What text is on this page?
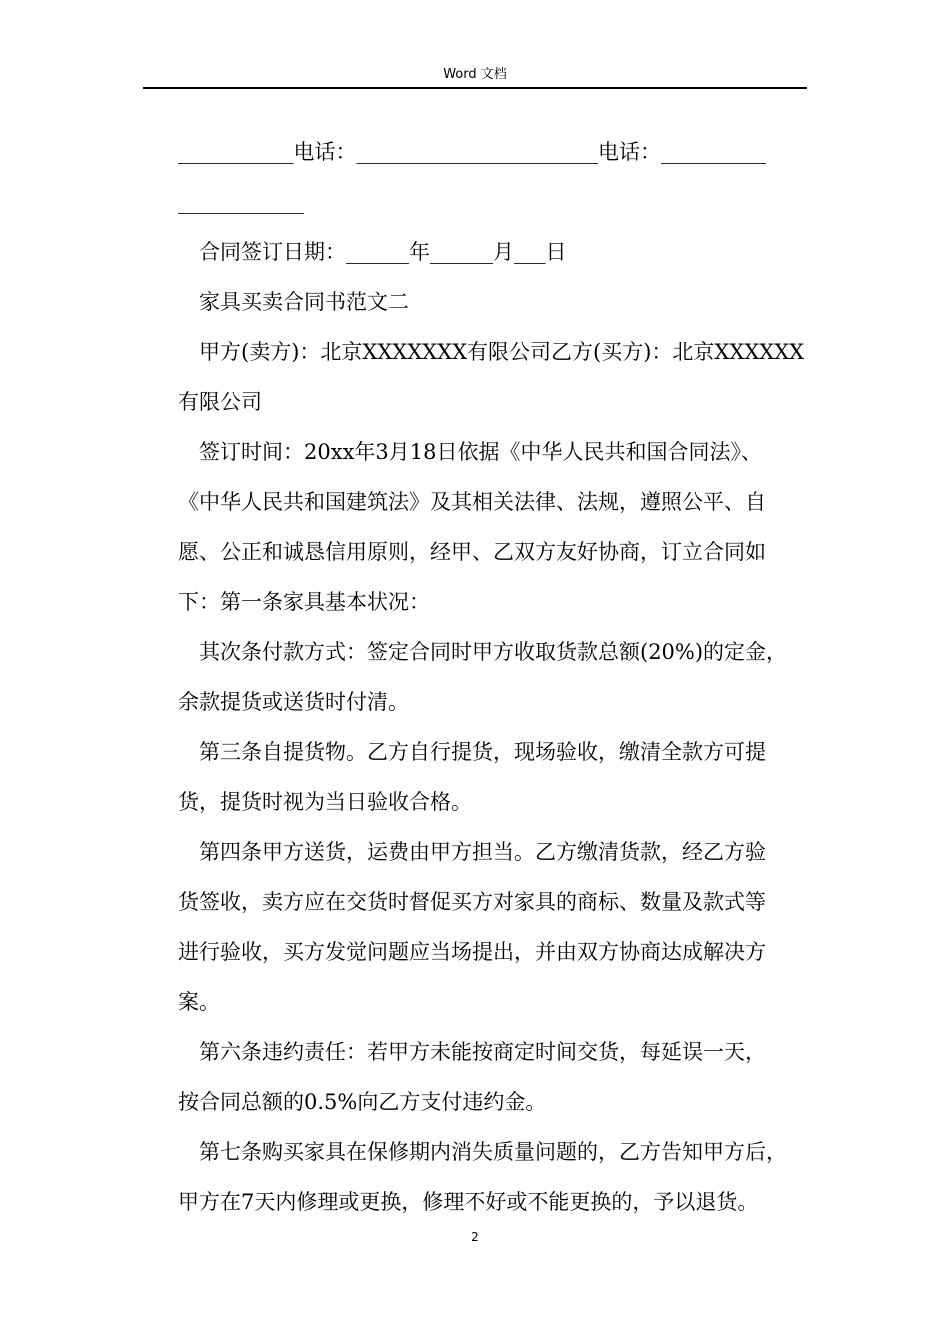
Word 文档

___________电话：_______________________电话：__________

____________

合同签订日期：______年______月___日

家具买卖合同书范文二

甲方(卖方)：北京XXXXXXX有限公司乙方(买方)：北京XXXXXX

有限公司

签订时间：20xx年3月18日依据《中华人民共和国合同法》、

《中华人民共和国建筑法》及其相关法律、法规，遵照公平、自

愿、公正和诚恳信用原则，经甲、乙双方友好协商，订立合同如

下：第一条家具基本状况：

其次条付款方式：签定合同时甲方收取货款总额(20%)的定金，

余款提货或送货时付清。

第三条自提货物。乙方自行提货，现场验收，缴清全款方可提

货，提货时视为当日验收合格。

第四条甲方送货，运费由甲方担当。乙方缴清货款，经乙方验

货签收，卖方应在交货时督促买方对家具的商标、数量及款式等

进行验收，买方发觉问题应当场提出，并由双方协商达成解决方

案。

第六条违约责任：若甲方未能按商定时间交货，每延误一天，

按合同总额的0.5%向乙方支付违约金。

第七条购买家具在保修期内消失质量问题的，乙方告知甲方后，

甲方在7天内修理或更换，修理不好或不能更换的，予以退货。

2
